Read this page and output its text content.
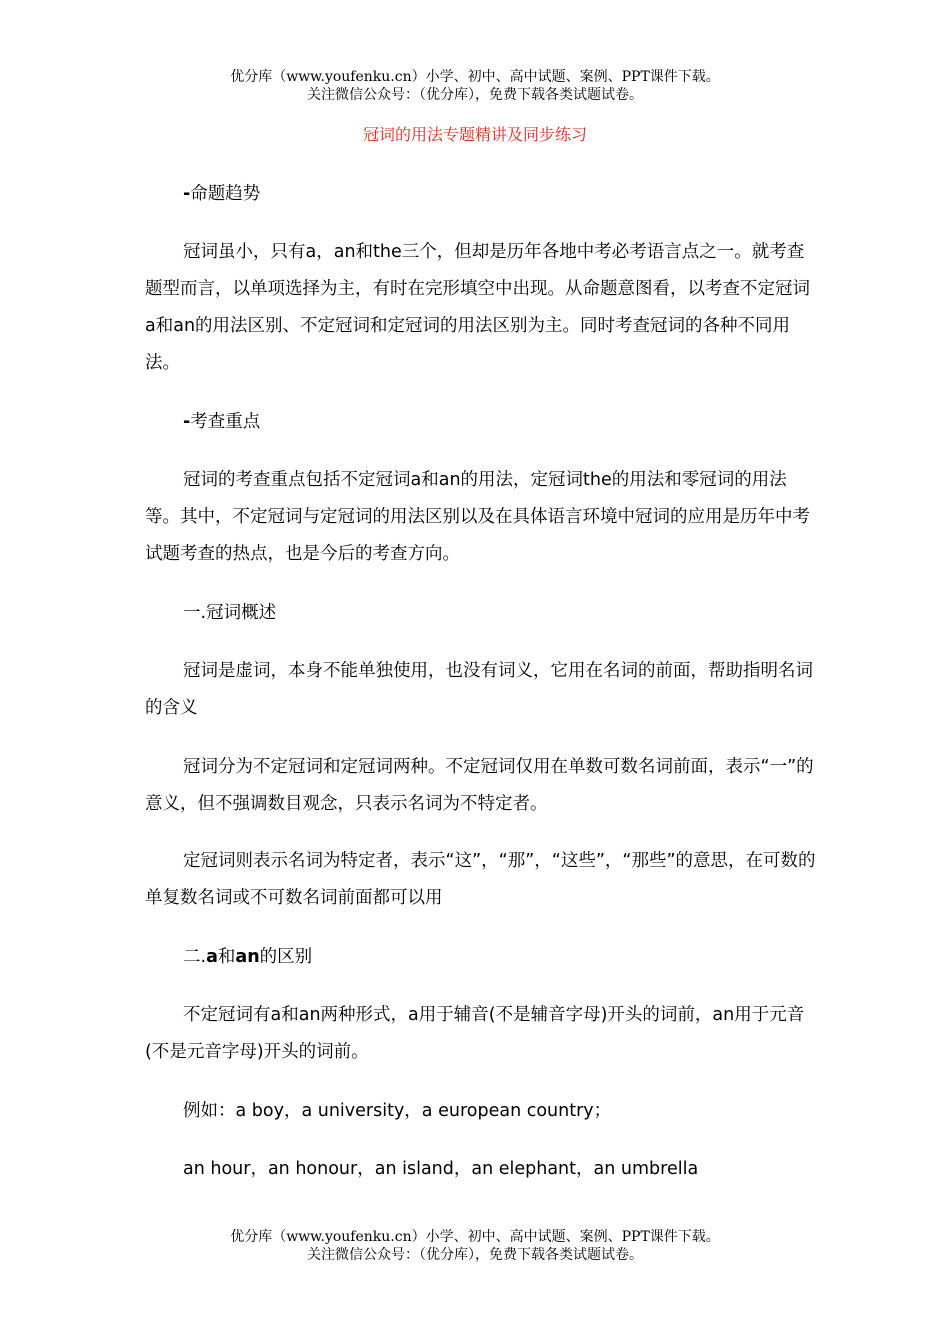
优分库（www.youfenku.cn）小学、初中、高中试题、案例、PPT课件下载。
关注微信公众号：（优分库），免费下载各类试题试卷。
冠词的用法专题精讲及同步练习

-命题趋势

冠词虽小，只有a，an和the三个，但却是历年各地中考必考语言点之一。就考查题型而言，以单项选择为主，有时在完形填空中出现。从命题意图看，以考查不定冠词a和an的用法区别、不定冠词和定冠词的用法区别为主。同时考查冠词的各种不同用法。

-考查重点

冠词的考查重点包括不定冠词a和an的用法，定冠词the的用法和零冠词的用法等。其中，不定冠词与定冠词的用法区别以及在具体语言环境中冠词的应用是历年中考试题考查的热点，也是今后的考查方向。

一.冠词概述

冠词是虚词，本身不能单独使用，也没有词义，它用在名词的前面，帮助指明名词的含义

冠词分为不定冠词和定冠词两种。不定冠词仅用在单数可数名词前面，表示“一”的意义，但不强调数目观念，只表示名词为不特定者。

定冠词则表示名词为特定者，表示“这”，“那”，“这些”，“那些”的意思，在可数的单复数名词或不可数名词前面都可以用

二.a和an的区别

不定冠词有a和an两种形式，a用于辅音(不是辅音字母)开头的词前，an用于元音(不是元音字母)开头的词前。

例如：a boy，a university，a european country；

an hour，an honour，an island，an elephant，an umbrella

优分库（www.youfenku.cn）小学、初中、高中试题、案例、PPT课件下载。
关注微信公众号：（优分库），免费下载各类试题试卷。
